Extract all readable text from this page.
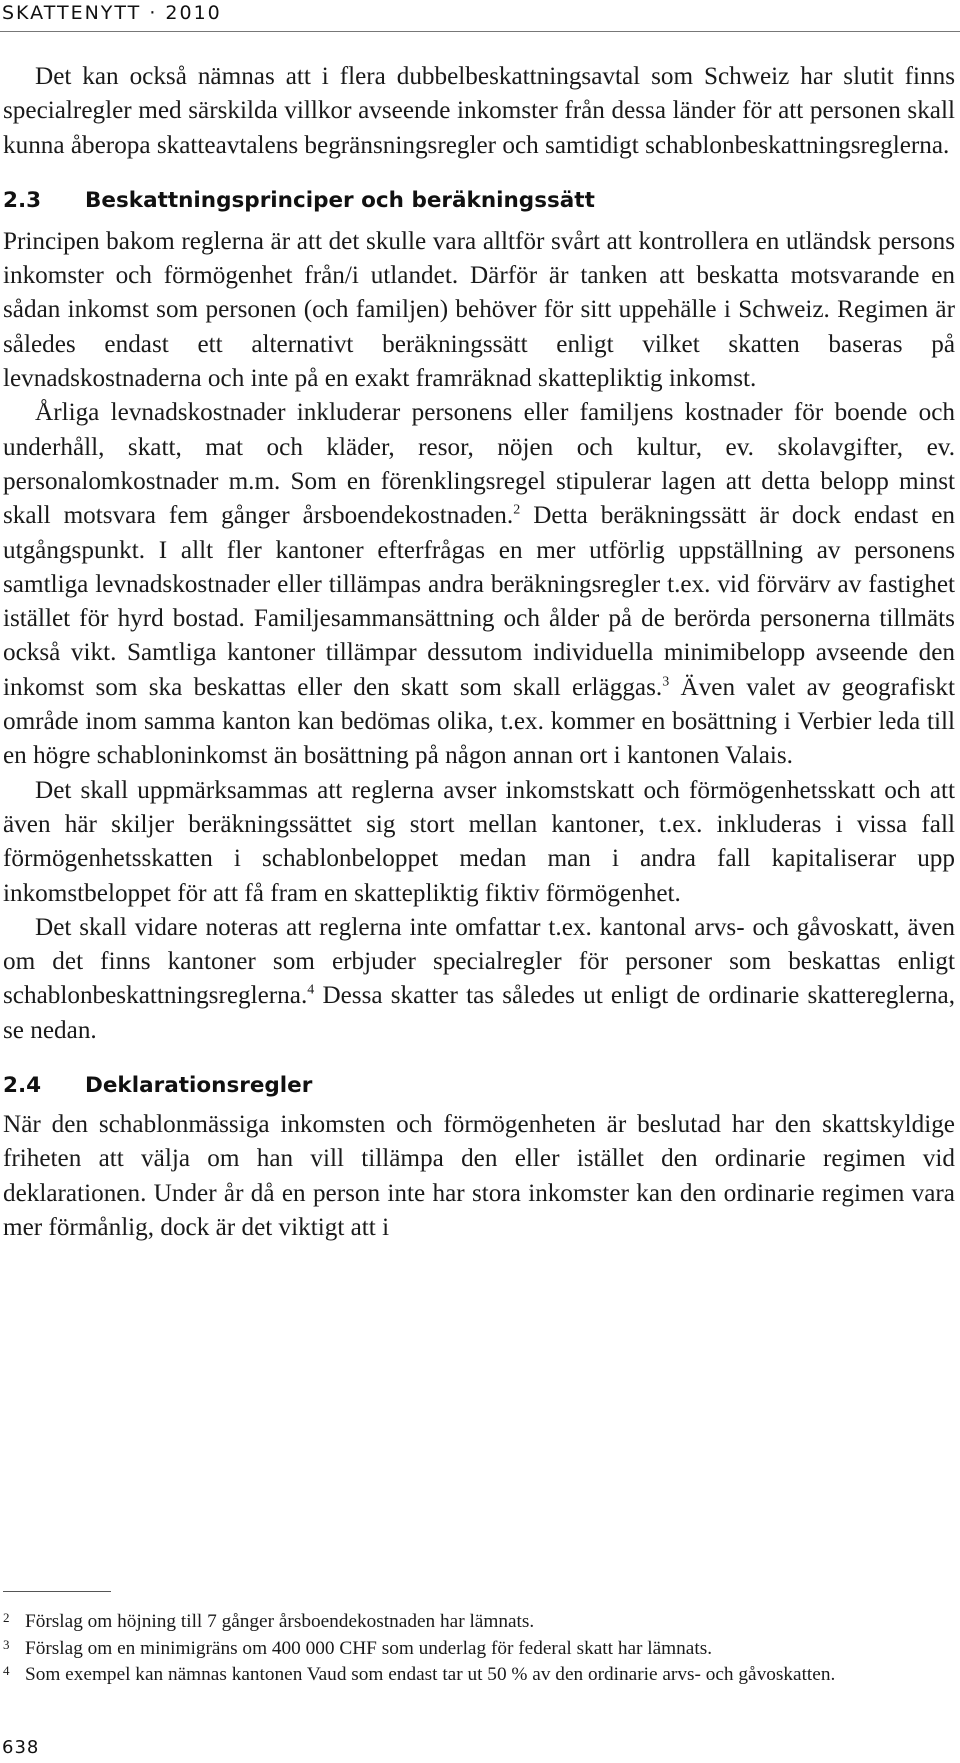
SKATTENYTT · 2010

Det kan också nämnas att i flera dubbelbeskattningsavtal som Schweiz har slutit finns specialregler med särskilda villkor avseende inkomster från dessa länder för att personen skall kunna åberopa skatteavtalens begränsningsregler och samtidigt schablonbeskattningsreglerna.

2.3 Beskattningsprinciper och beräkningssätt

Principen bakom reglerna är att det skulle vara alltför svårt att kontrollera en utländsk persons inkomster och förmögenhet från/i utlandet. Därför är tanken att beskatta motsvarande en sådan inkomst som personen (och familjen) behöver för sitt uppehälle i Schweiz. Regimen är således endast ett alternativt beräkningssätt enligt vilket skatten baseras på levnadskostnaderna och inte på en exakt framräknad skattepliktig inkomst.

Årliga levnadskostnader inkluderar personens eller familjens kostnader för boende och underhåll, skatt, mat och kläder, resor, nöjen och kultur, ev. skolavgifter, ev. personalomkostnader m.m. Som en förenklingsregel stipulerar lagen att detta belopp minst skall motsvara fem gånger årsboendekostnaden.$^2$ Detta beräkningssätt är dock endast en utgångspunkt. I allt fler kantoner efterfrågas en mer utförlig uppställning av personens samtliga levnadskostnader eller tillämpas andra beräkningsregler t.ex. vid förvärv av fastighet istället för hyrd bostad. Familjesammansättning och ålder på de berörda personerna tillmäts också vikt. Samtliga kantoner tillämpar dessutom individuella minimibelopp avseende den inkomst som ska beskattas eller den skatt som skall erläggas.$^3$ Även valet av geografiskt område inom samma kanton kan bedömas olika, t.ex. kommer en bosättning i Verbier leda till en högre schabloninkomst än bosättning på någon annan ort i kantonen Valais.

Det skall uppmärksammas att reglerna avser inkomstskatt och förmögenhetsskatt och att även här skiljer beräkningssättet sig stort mellan kantoner, t.ex. inkluderas i vissa fall förmögenhetsskatten i schablonbeloppet medan man i andra fall kapitaliserar upp inkomstbeloppet för att få fram en skattepliktig fiktiv förmögenhet.

Det skall vidare noteras att reglerna inte omfattar t.ex. kantonal arvs- och gåvoskatt, även om det finns kantoner som erbjuder specialregler för personer som beskattas enligt schablonbeskattningsreglerna.$^4$ Dessa skatter tas således ut enligt de ordinarie skattereglerna, se nedan.

2.4 Deklarationsregler

När den schablonmässiga inkomsten och förmögenheten är beslutad har den skattskyldige friheten att välja om han vill tillämpa den eller istället den ordinarie regimen vid deklarationen. Under år då en person inte har stora inkomster kan den ordinarie regimen vara mer förmånlig, dock är det viktigt att i

2 Förslag om höjning till 7 gånger årsboendekostnaden har lämnats.
3 Förslag om en minimigräns om 400 000 CHF som underlag för federal skatt har lämnats.
4 Som exempel kan nämnas kantonen Vaud som endast tar ut 50 % av den ordinarie arvs- och gåvoskatten.
638
